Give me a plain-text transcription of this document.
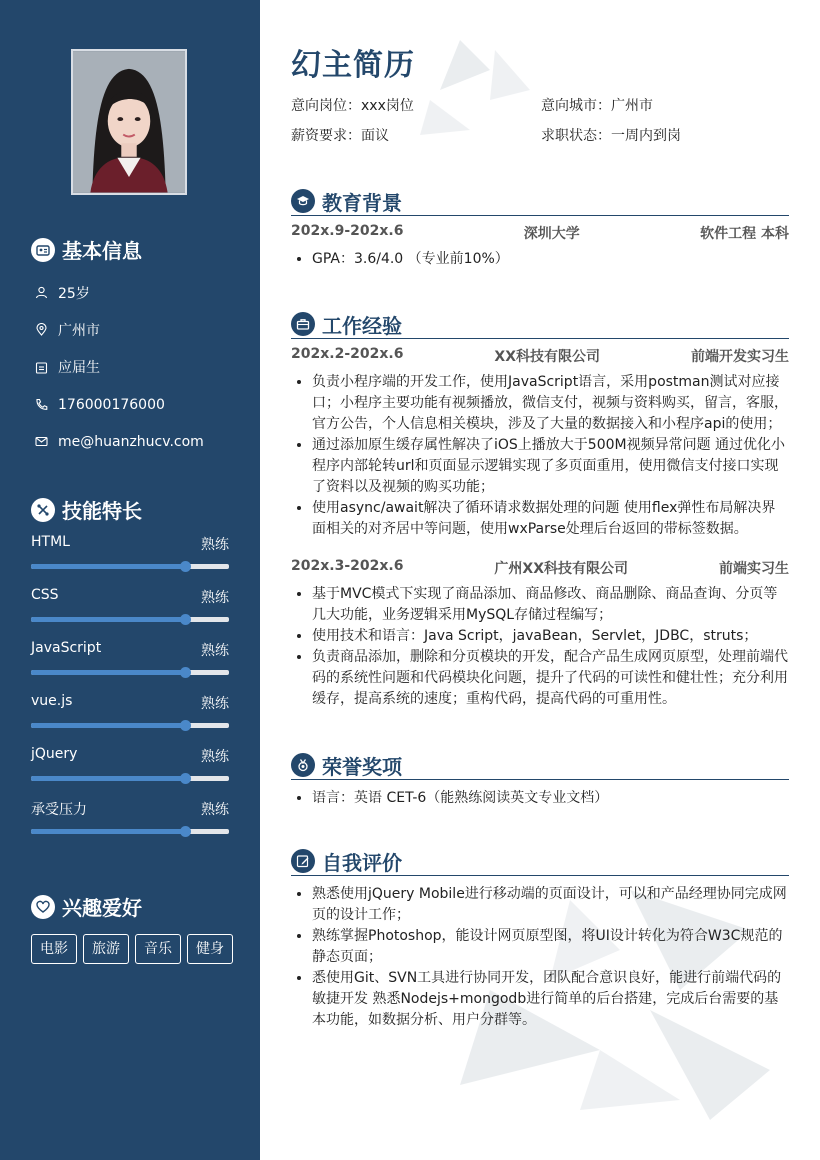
基本信息
25岁
广州市
应届生
176000176000
me@huanzhucv.com
技能特长
HTML	熟练
CSS	熟练
JavaScript	熟练
vue.js	熟练
jQuery	熟练
承受压力	熟练
兴趣爱好
电影	旅游	音乐	健身
幻主简历
意向岗位：xxx岗位	意向城市：广州市
薪资要求：面议	求职状态：一周内到岗
教育背景
202x.9-202x.6	深圳大学	软件工程 本科
• GPA：3.6/4.0 （专业前10%）
工作经验
202x.2-202x.6	XX科技有限公司	前端开发实习生
• 负责小程序端的开发工作，使用JavaScript语言，采用postman测试对应接口；小程序主要功能有视频播放，微信支付，视频与资料购买，留言，客服，官方公告，个人信息相关模块，涉及了大量的数据接入和小程序api的使用；
• 通过添加原生缓存属性解决了iOS上播放大于500M视频异常问题 通过优化小程序内部轮转url和页面显示逻辑实现了多页面重用，使用微信支付接口实现了资料以及视频的购买功能；
• 使用async/await解决了循环请求数据处理的问题 使用flex弹性布局解决界面相关的对齐居中等问题，使用wxParse处理后台返回的带标签数据。
202x.3-202x.6	广州XX科技有限公司	前端实习生
• 基于MVC模式下实现了商品添加、商品修改、商品删除、商品查询、分页等几大功能，业务逻辑采用MySQL存储过程编写；
• 使用技术和语言：Java Script，javaBean，Servlet，JDBC，struts；
• 负责商品添加，删除和分页模块的开发，配合产品生成网页原型，处理前端代码的系统性问题和代码模块化问题，提升了代码的可读性和健壮性；充分利用缓存，提高系统的速度；重构代码，提高代码的可重用性。
荣誉奖项
• 语言：英语 CET-6（能熟练阅读英文专业文档）
自我评价
• 熟悉使用jQuery Mobile进行移动端的页面设计，可以和产品经理协同完成网页的设计工作；
• 熟练掌握Photoshop，能设计网页原型图，将UI设计转化为符合W3C规范的静态页面；
• 悉使用Git、SVN工具进行协同开发，团队配合意识良好，能进行前端代码的敏捷开发 熟悉Nodejs+mongodb进行简单的后台搭建，完成后台需要的基本功能，如数据分析、用户分群等。
